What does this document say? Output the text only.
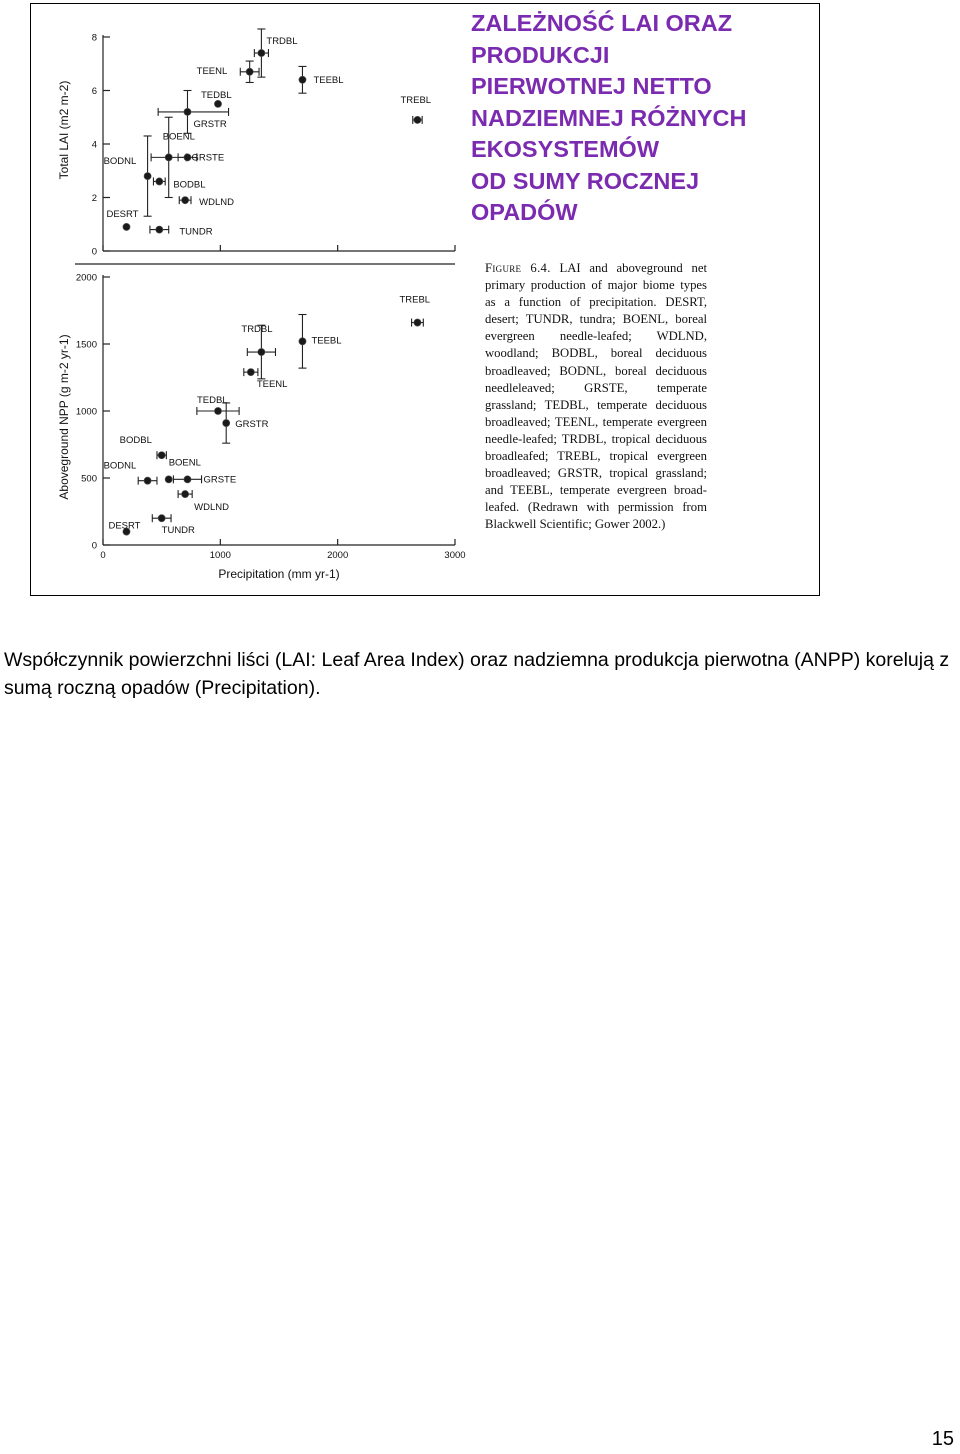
0
2
4
6
8
Total LAI (m2 m-2)
DESRT
TUNDR
BODNL
BODBL
BOENL
WDLND
GRSTE
GRSTR
TEDBL
TEENL
TRDBL
TEEBL
TREBL
0
500
1000
1500
2000
0	1000	2000	3000
Precipitation (mm yr-1)
Aboveground NPP (g m-2 yr-1)
DESRT TUNDR
BODNL
BODBL
BOENL
WDLND
GRSTE
TEDBL
GRSTR
TEENL
TRDBL
TEEBL
TREBL
ZALEŻNOŚĆ LAI ORAZ
PRODUKCJI
PIERWOTNEJ NETTO
NADZIEMNEJ RÓŻNYCH
EKOSYSTEMÓW
OD SUMY ROCZNEJ
OPADÓW

Figure 6.4. LAI and aboveground net primary production of major biome types as a function of precipitation. DESRT, desert; TUNDR, tundra; BOENL, boreal evergreen needle-leafed; WDLND, woodland; BODBL, boreal deciduous broadleaved; BODNL, boreal deciduous needleleaved; GRSTE, temperate grassland; TEDBL, temperate deciduous broadleaved; TEENL, temperate evergreen needle-leafed; TRDBL, tropical deciduous broadleafed; TREBL, tropical evergreen broadleaved; GRSTR, tropical grassland; and TEEBL, temperate evergreen broad-leafed. (Redrawn with permission from Blackwell Scientific; Gower 2002.)

Współczynnik powierzchni liści (LAI: Leaf Area Index) oraz nadziemna produkcja pierwotna (ANPP) korelują z sumą roczną opadów (Precipitation).

15
